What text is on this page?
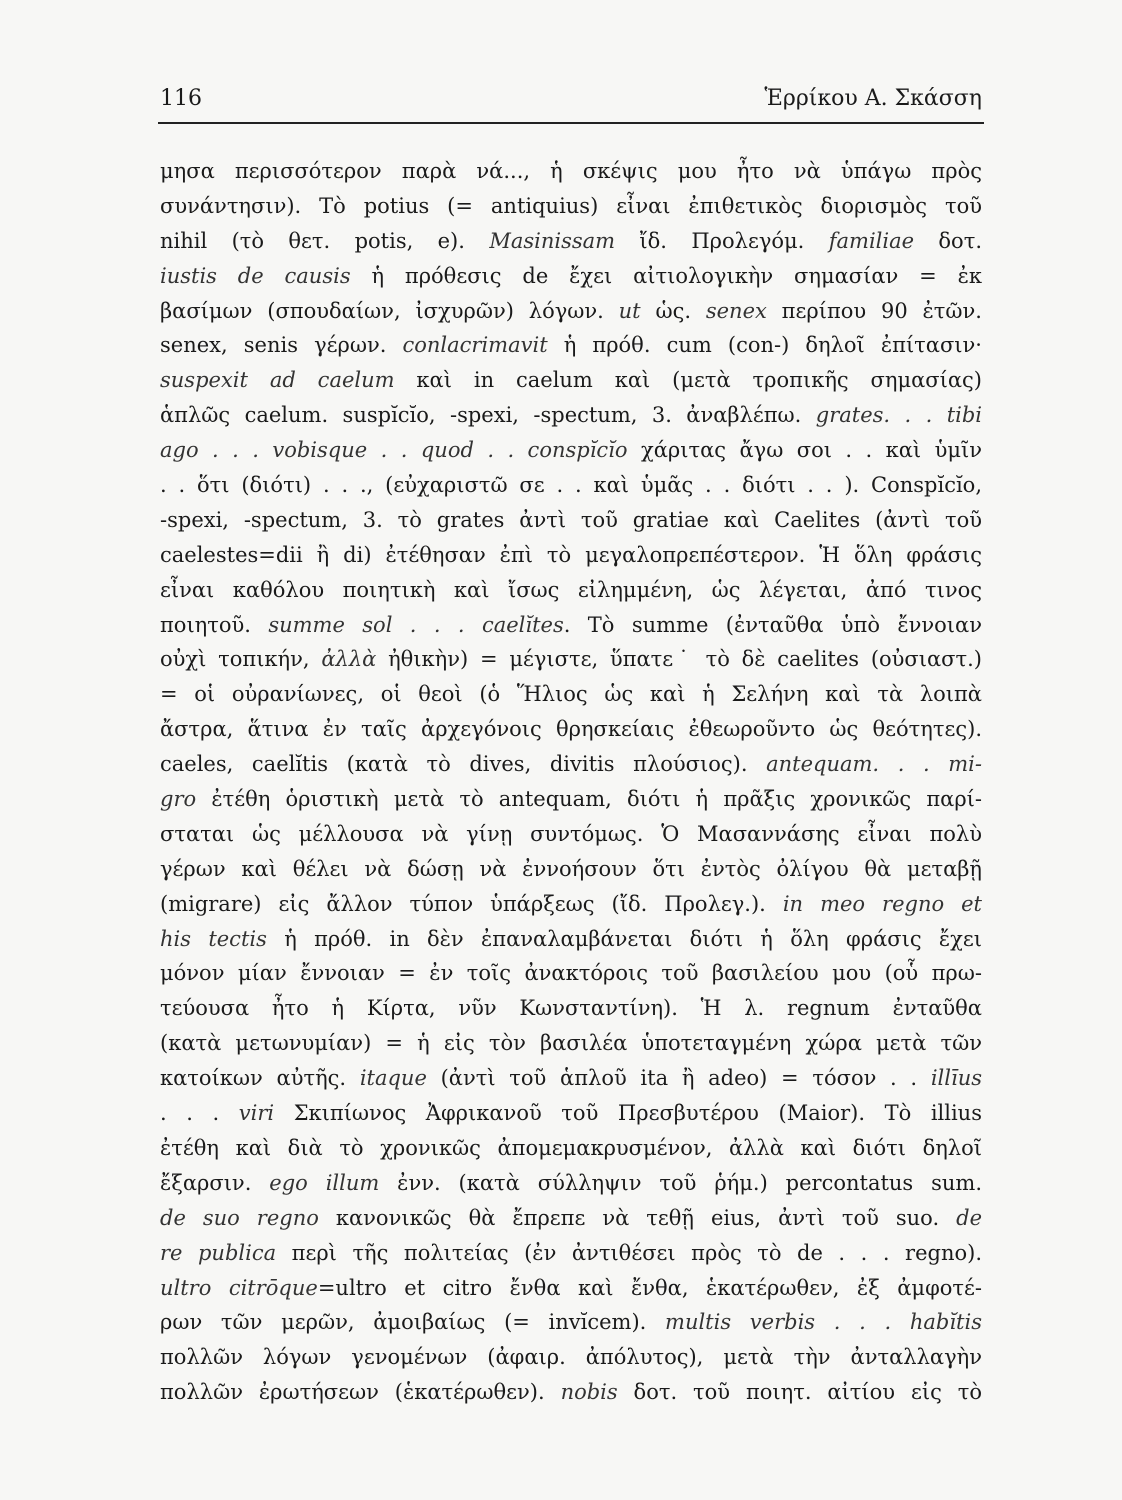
116	Ἑρρίκου Α. Σκάσση
μησα περισσότερον παρὰ νά..., ἡ σκέψις μου ἦτο νὰ ὑπάγω πρὸς
συνάντησιν). Τὸ potius (= antiquius) εἶναι ἐπιθετικὸς διορισμὸς τοῦ
nihil (τὸ θετ. potis, e). Masinissam ἴδ. Προλεγόμ. familiae δοτ.
iustis de causis ἡ πρόθεσις de ἔχει αἰτιολογικὴν σημασίαν = ἐκ
βασίμων (σπουδαίων, ἰσχυρῶν) λόγων. ut ὡς. senex περίπου 90 ἐτῶν.
senex, senis γέρων. conlacrimavit ἡ πρόθ. cum (con-) δηλοῖ ἐπίτασιν·
suspexit ad caelum καὶ in caelum καὶ (μετὰ τροπικῆς σημασίας)
ἁπλῶς caelum. suspĭcĭo, -spexi, -spectum, 3. ἀναβλέπω. grates. . . tibi
ago . . . vobisque . . quod . . conspĭcĭo χάριτας ἄγω σοι . . καὶ ὑμῖν
. . ὅτι (διότι) . . ., (εὐχαριστῶ σε . . καὶ ὑμᾶς . . διότι . . ). Conspĭcĭo,
-spexi, -spectum, 3. τὸ grates ἀντὶ τοῦ gratiae καὶ Caelites (ἀντὶ τοῦ
caelestes=dii ἢ di) ἐτέθησαν ἐπὶ τὸ μεγαλοπρεπέστερον. Ἡ ὅλη φράσις
εἶναι καθόλου ποιητικὴ καὶ ἴσως εἰλημμένη, ὡς λέγεται, ἀπό τινος
ποιητοῦ. summe sol . . . caelĭtes. Τὸ summe (ἐνταῦθα ὑπὸ ἔννοιαν
οὐχὶ τοπικήν, ἀλλὰ ἠθικὴν) = μέγιστε, ὕπατε˙ τὸ δὲ caelites (οὐσιαστ.)
= οἱ οὐρανίωνες, οἱ θεοὶ (ὁ Ἥλιος ὡς καὶ ἡ Σελήνη καὶ τὰ λοιπὰ
ἄστρα, ἅτινα ἐν ταῖς ἀρχεγόνοις θρησκείαις ἐθεωροῦντο ὡς θεότητες).
caeles, caelĭtis (κατὰ τὸ dives, divitis πλούσιος). antequam. . . mi-
gro ἐτέθη ὁριστικὴ μετὰ τὸ antequam, διότι ἡ πρᾶξις χρονικῶς παρί-
σταται ὡς μέλλουσα νὰ γίνῃ συντόμως. Ὁ Μασαννάσης εἶναι πολὺ
γέρων καὶ θέλει νὰ δώσῃ νὰ ἐννοήσουν ὅτι ἐντὸς ὀλίγου θὰ μεταβῇ
(migrare) εἰς ἄλλον τύπον ὑπάρξεως (ἴδ. Προλεγ.). in meo regno et
his tectis ἡ πρόθ. in δὲν ἐπαναλαμβάνεται διότι ἡ ὅλη φράσις ἔχει
μόνον μίαν ἔννοιαν = ἐν τοῖς ἀνακτόροις τοῦ βασιλείου μου (οὗ πρω-
τεύουσα ἦτο ἡ Κίρτα, νῦν Κωνσταντίνη). Ἡ λ. regnum ἐνταῦθα
(κατὰ μετωνυμίαν) = ἡ εἰς τὸν βασιλέα ὑποτεταγμένη χώρα μετὰ τῶν
κατοίκων αὐτῆς. itaque (ἀντὶ τοῦ ἁπλοῦ ita ἢ adeo) = τόσον . . illīus
. . . viri Σκιπίωνος Ἀφρικανοῦ τοῦ Πρεσβυτέρου (Maior). Τὸ illius
ἐτέθη καὶ διὰ τὸ χρονικῶς ἀπομεμακρυσμένον, ἀλλὰ καὶ διότι δηλοῖ
ἔξαρσιν. ego illum ἐνν. (κατὰ σύλληψιν τοῦ ῥήμ.) percontatus sum.
de suo regno κανονικῶς θὰ ἔπρεπε νὰ τεθῇ eius, ἀντὶ τοῦ suo. de
re publica περὶ τῆς πολιτείας (ἐν ἀντιθέσει πρὸς τὸ de . . . regno).
ultro citrōque=ultro et citro ἔνθα καὶ ἔνθα, ἑκατέρωθεν, ἐξ ἀμφοτέ-
ρων τῶν μερῶν, ἀμοιβαίως (= invĭcem). multis verbis . . . habĭtis
πολλῶν λόγων γενομένων (ἀφαιρ. ἀπόλυτος), μετὰ τὴν ἀνταλλαγὴν
πολλῶν ἐρωτήσεων (ἑκατέρωθεν). nobis δοτ. τοῦ ποιητ. αἰτίου εἰς τὸ
